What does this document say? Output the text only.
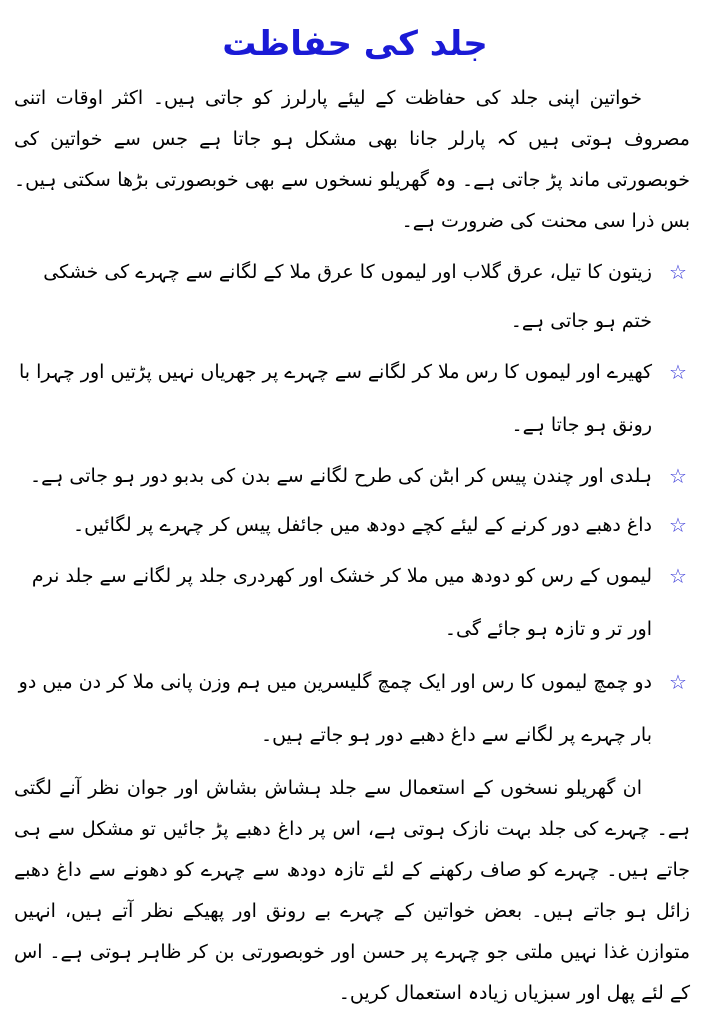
جلد کی حفاظت

خواتین اپنی جلد کی حفاظت کے لیئے پارلرز کو جاتی ہیں۔ اکثر اوقات اتنی مصروف ہوتی ہیں کہ پارلر جانا بھی مشکل ہو جاتا ہے جس سے خواتین کی خوبصورتی ماند پڑ جاتی ہے۔ وہ گھریلو نسخوں سے بھی خوبصورتی بڑھا سکتی ہیں۔ بس ذرا سی محنت کی ضرورت ہے۔

☆
زیتون کا تیل، عرق گلاب اور لیموں کا عرق ملا کے لگانے سے چہرے کی خشکی ختم ہو جاتی ہے۔
☆
کھیرے اور لیموں کا رس ملا کر لگانے سے چہرے پر جھریاں نہیں پڑتیں اور چہرا با رونق ہو جاتا ہے۔
☆
ہلدی اور چندن پیس کر ابٹن کی طرح لگانے سے بدن کی بدبو دور ہو جاتی ہے۔
☆
داغ دھبے دور کرنے کے لیئے کچے دودھ میں جائفل پیس کر چہرے پر لگائیں۔
☆
لیموں کے رس کو دودھ میں ملا کر خشک اور کھردری جلد پر لگانے سے جلد نرم اور تر و تازہ ہو جائے گی۔
☆
دو چمچ لیموں کا رس اور ایک چمچ گلیسرین میں ہم وزن پانی ملا کر دن میں دو بار چہرے پر لگانے سے داغ دھبے دور ہو جاتے ہیں۔

ان گھریلو نسخوں کے استعمال سے جلد ہشاش بشاش اور جوان نظر آنے لگتی ہے۔ چہرے کی جلد بہت نازک ہوتی ہے، اس پر داغ دھبے پڑ جائیں تو مشکل سے ہی جاتے ہیں۔ چہرے کو صاف رکھنے کے لئے تازہ دودھ سے چہرے کو دھونے سے داغ دھبے زائل ہو جاتے ہیں۔ بعض خواتین کے چہرے بے رونق اور پھیکے نظر آتے ہیں، انہیں متوازن غذا نہیں ملتی جو چہرے پر حسن اور خوبصورتی بن کر ظاہر ہوتی ہے۔ اس کے لئے پھل اور سبزیاں زیادہ استعمال کریں۔
